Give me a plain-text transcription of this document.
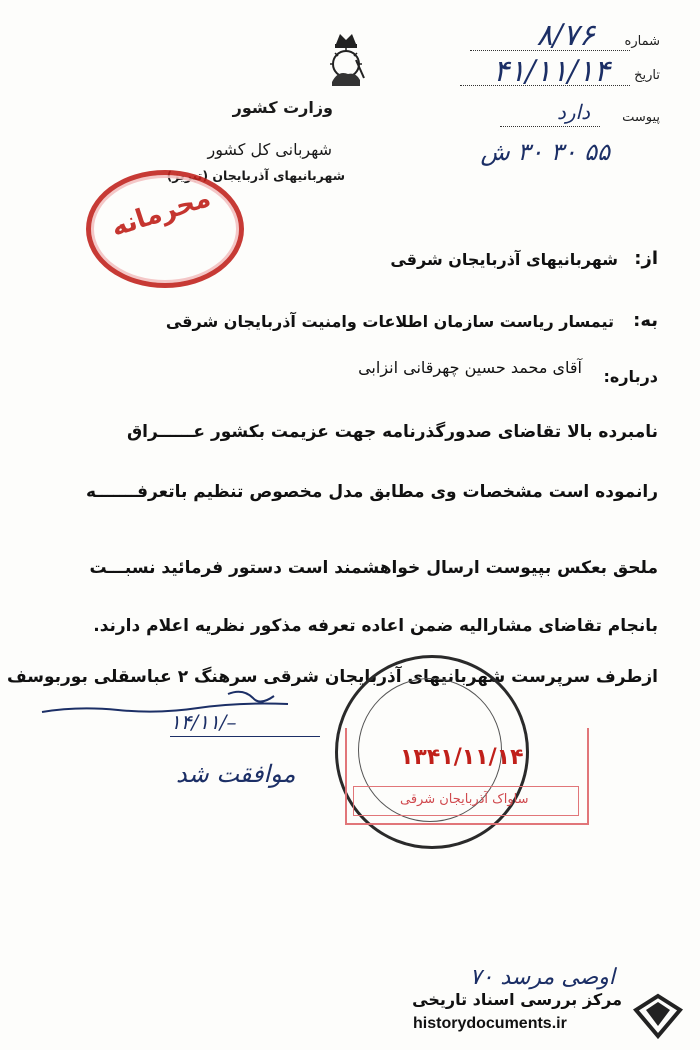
شماره
۸/۷۶
تاریخ
۴۱/۱۱/۱۴
پیوست
دارد
۵۵ ۳۰ ۳۰ ش
وزارت کشور
شهربانی کل کشور
شهربانیهای آذربایجان (تبریز)
محرمانه
از:
شهربانیهای آذربایجان شرقی
به:
تیمسار ریاست سازمان اطلاعات وامنیت آذربایجان شرقی
درباره:
آقای محمد حسین چهرقانی انزابی
نامبرده بالا تقاضای صدورگذرنامه جهت عزیمت بکشور عــــــراق
رانموده است مشخصات وی مطابق مدل مخصوص تنظیم باتعرفـــــــه
ملحق بعکس بپیوست ارسال خواهشمند است دستور فرمائید نسبـــت
بانجام تقاضای مشارالیه ضمن اعاده تعرفه مذکور نظریه اعلام دارند.
ازطرف سرپرست شهربانیهای آذربایجان شرقی سرهنگ ۲ عباسقلی بوربوسف
۱۴/۱۱/–
موافقت شد
۱۳۴۱/۱۱/۱۴
ساواک آذربایجان شرقی
اوصی مرسد ۷۰
مرکز بررسی اسناد تاریخی
historydocuments.ir
